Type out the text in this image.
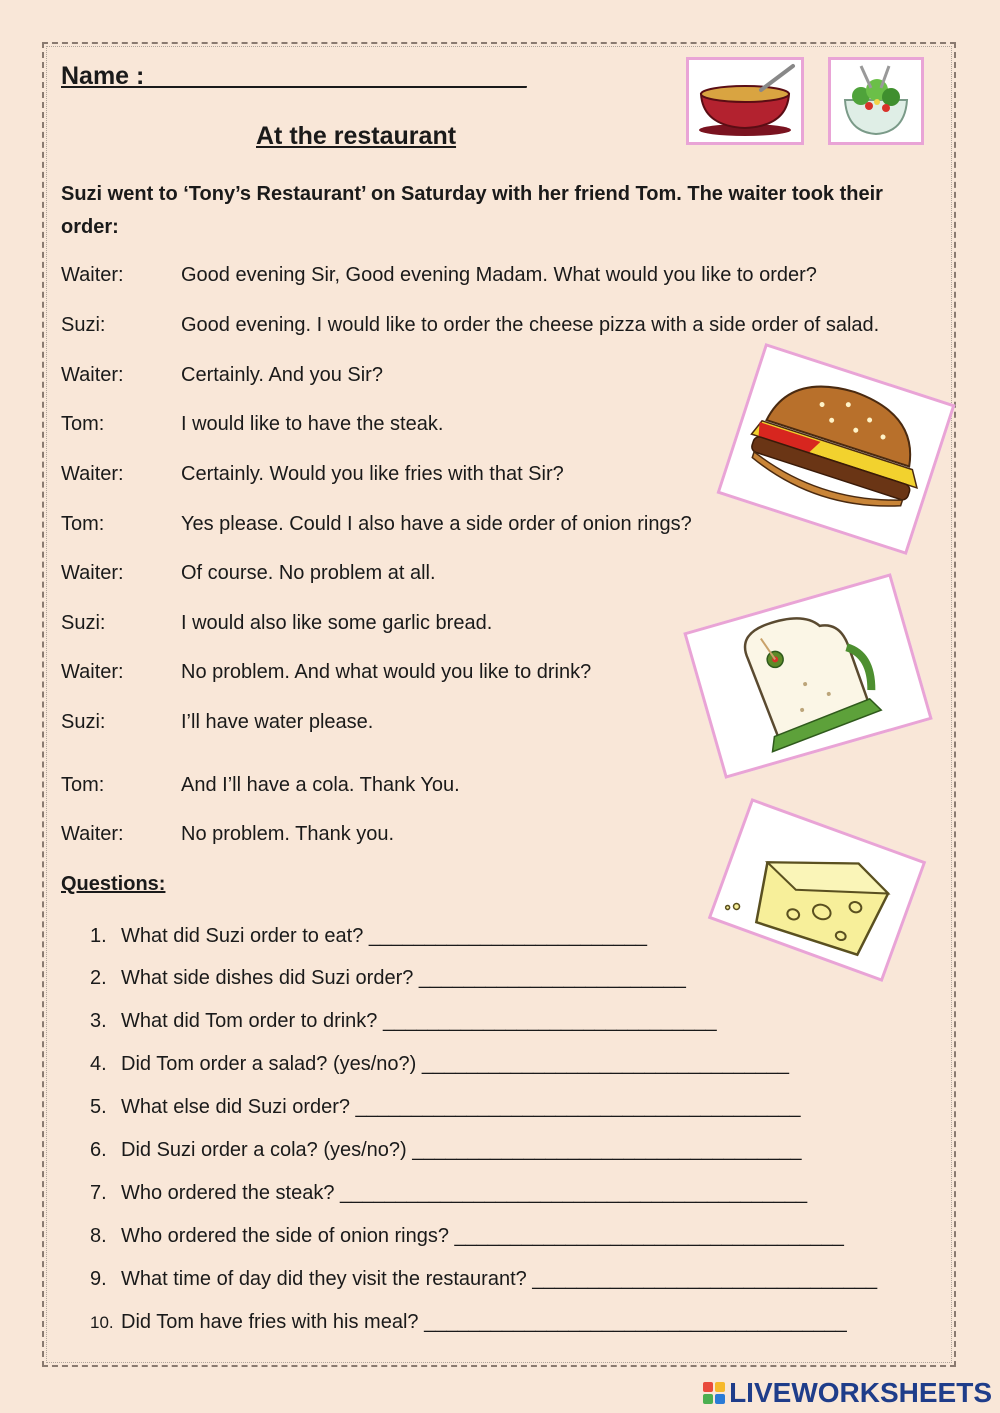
Name : ___________________________
At the restaurant
Suzi went to ‘Tony’s Restaurant’ on Saturday with her friend Tom. The waiter took their order:
Waiter:	Good evening Sir, Good evening Madam. What would you like to order?
Suzi:	Good evening. I would like to order the cheese pizza with a side order of salad.
Waiter:	Certainly. And you Sir?
Tom:	I would like to have the steak.
Waiter:	Certainly. Would you like fries with that Sir?
Tom:	Yes please. Could I also have a side order of onion rings?
Waiter:	Of course. No problem at all.
Suzi:	I would also like some garlic bread.
Waiter:	No problem. And what would you like to drink?
Suzi:	I’ll have water please.
Tom:	And I’ll have a cola. Thank You.
Waiter:	No problem. Thank you.
Questions:
1. What did Suzi order to eat? _________________________
2. What side dishes did Suzi order? ________________________
3. What did Tom order to drink? ______________________________
4. Did Tom order a salad? (yes/no?) _________________________________
5. What else did Suzi order? ________________________________________
6. Did Suzi order a cola? (yes/no?) ___________________________________
7. Who ordered the steak? __________________________________________
8. Who ordered the side of onion rings? ___________________________________
9. What time of day did they visit the restaurant? _______________________________
10. Did Tom have fries with his meal? ______________________________________
LIVEWORKSHEETS
